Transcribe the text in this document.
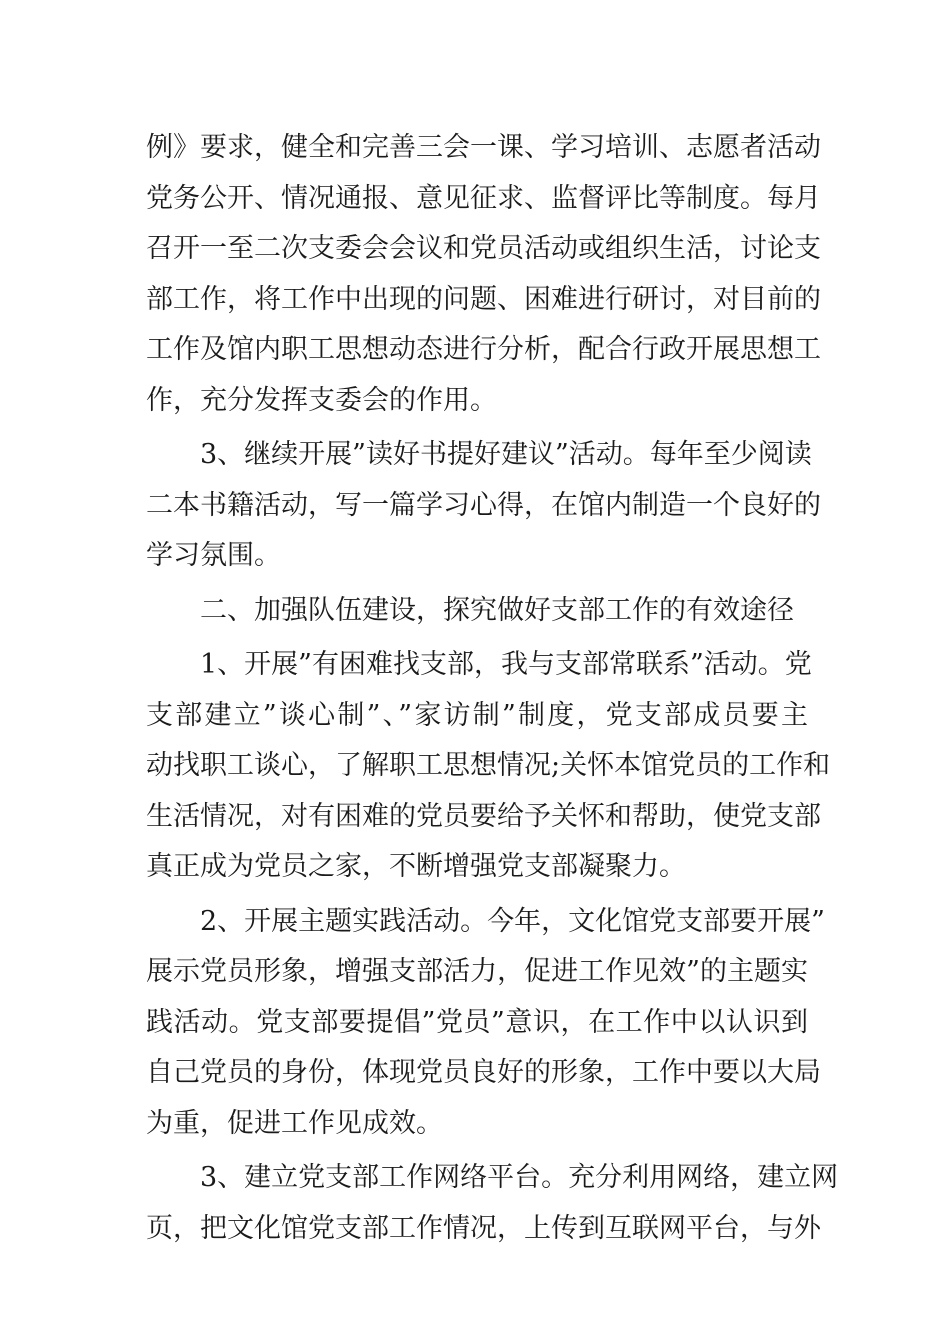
例》要求，健全和完善三会一课、学习培训、志愿者活动
党务公开、情况通报、意见征求、监督评比等制度。每月
召开一至二次支委会会议和党员活动或组织生活，讨论支
部工作，将工作中出现的问题、困难进行研讨，对目前的
工作及馆内职工思想动态进行分析，配合行政开展思想工
作，充分发挥支委会的作用。
3、继续开展”读好书提好建议”活动。每年至少阅读
二本书籍活动，写一篇学习心得，在馆内制造一个良好的
学习氛围。
二、加强队伍建设，探究做好支部工作的有效途径
1、开展”有困难找支部，我与支部常联系”活动。党
支部建立”谈心制”、”家访制”制度，党支部成员要主
动找职工谈心，了解职工思想情况;关怀本馆党员的工作和
生活情况，对有困难的党员要给予关怀和帮助，使党支部
真正成为党员之家，不断增强党支部凝聚力。
2、开展主题实践活动。今年，文化馆党支部要开展”
展示党员形象，增强支部活力，促进工作见效”的主题实
践活动。党支部要提倡”党员”意识，在工作中以认识到
自己党员的身份，体现党员良好的形象，工作中要以大局
为重，促进工作见成效。
3、建立党支部工作网络平台。充分利用网络，建立网
页，把文化馆党支部工作情况，上传到互联网平台，与外
